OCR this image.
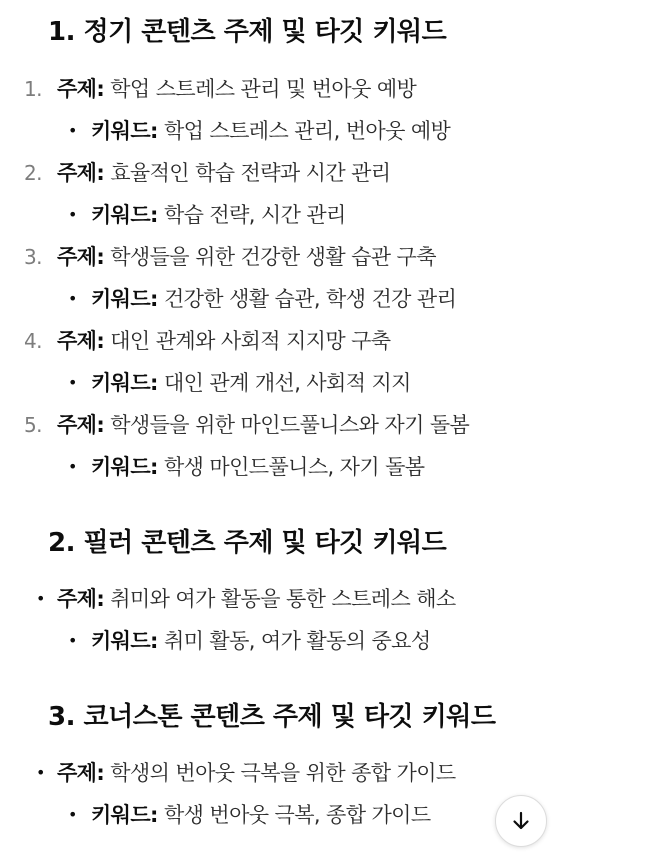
1. 정기 콘텐츠 주제 및 타깃 키워드
1. 주제: 학업 스트레스 관리 및 번아웃 예방
• 키워드: 학업 스트레스 관리, 번아웃 예방
2. 주제: 효율적인 학습 전략과 시간 관리
• 키워드: 학습 전략, 시간 관리
3. 주제: 학생들을 위한 건강한 생활 습관 구축
• 키워드: 건강한 생활 습관, 학생 건강 관리
4. 주제: 대인 관계와 사회적 지지망 구축
• 키워드: 대인 관계 개선, 사회적 지지
5. 주제: 학생들을 위한 마인드풀니스와 자기 돌봄
• 키워드: 학생 마인드풀니스, 자기 돌봄
2. 필러 콘텐츠 주제 및 타깃 키워드
• 주제: 취미와 여가 활동을 통한 스트레스 해소
• 키워드: 취미 활동, 여가 활동의 중요성
3. 코너스톤 콘텐츠 주제 및 타깃 키워드
• 주제: 학생의 번아웃 극복을 위한 종합 가이드
• 키워드: 학생 번아웃 극복, 종합 가이드
